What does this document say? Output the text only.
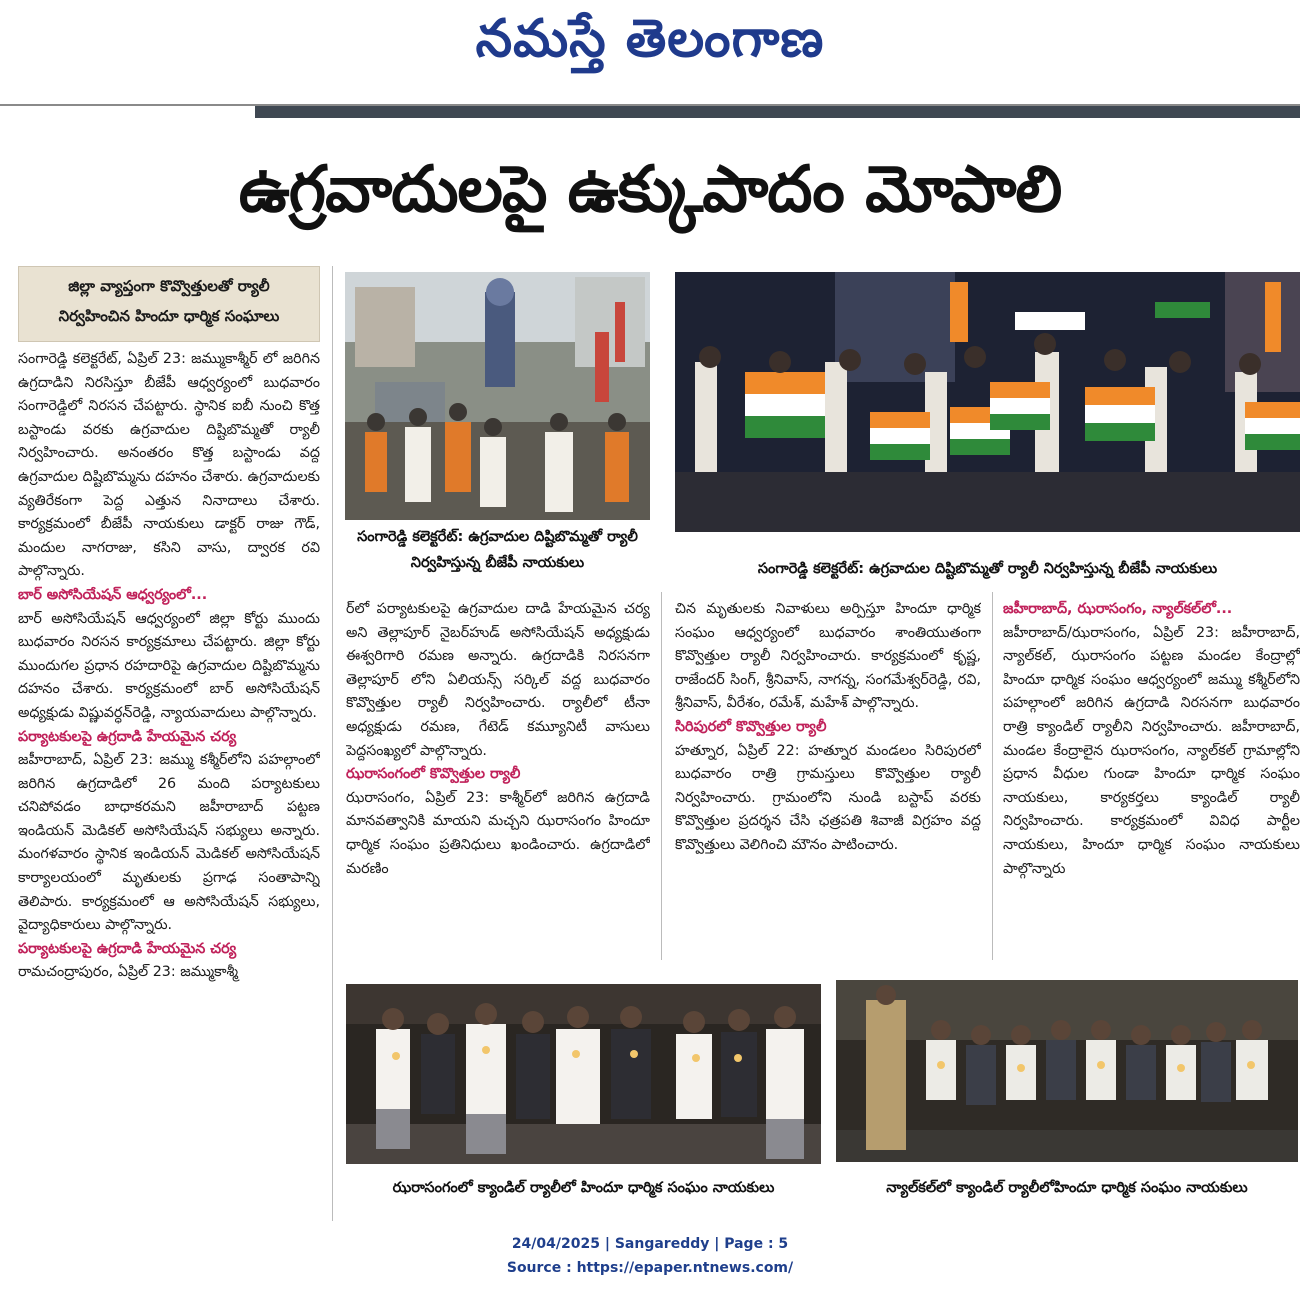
నమస్తే తెలంగాణ
ఉగ్రవాదులపై ఉక్కుపాదం మోపాలి
జిల్లా వ్యాప్తంగా కొవ్వొత్తులతో ర్యాలీ
నిర్వహించిన హిందూ ధార్మిక సంఘాలు

సంగారెడ్డి కలెక్టరేట్, ఏప్రిల్ 23: జమ్ముకాశ్మీర్ లో జరిగిన ఉగ్రదాడిని నిరసిస్తూ బీజేపీ ఆధ్వర్యంలో బుధవారం సంగారెడ్డిలో నిరసన చేపట్టారు. స్థానిక ఐబీ నుంచి కొత్త బస్టాండు వరకు ఉగ్రవాదుల దిష్టిబొమ్మతో ర్యాలీ నిర్వహించారు. అనంతరం కొత్త బస్టాండు వద్ద ఉగ్రవాదుల దిష్టిబొమ్మను దహనం చేశారు. ఉగ్రవాదులకు వ్యతిరేకంగా పెద్ద ఎత్తున నినాదాలు చేశారు. కార్యక్రమంలో బీజేపీ నాయకులు డాక్టర్ రాజు గౌడ్, మందుల నాగరాజు, కసిని వాసు, ద్వారక రవి పాల్గొన్నారు.

బార్ అసోసియేషన్ ఆధ్వర్యంలో...

బార్ అసోసియేషన్ ఆధ్వర్యంలో జిల్లా కోర్టు ముందు బుధవారం నిరసన కార్యక్రమాలు చేపట్టారు. జిల్లా కోర్టు ముందుగల ప్రధాన రహదారిపై ఉగ్రవాదుల దిష్టిబొమ్మను దహనం చేశారు. కార్యక్రమంలో బార్ అసోసియేషన్ అధ్యక్షుడు విష్ణువర్ధన్‌రెడ్డి, న్యాయవాదులు పాల్గొన్నారు.

పర్యాటకులపై ఉగ్రదాడి హేయమైన చర్య

జహీరాబాద్, ఏప్రిల్ 23: జమ్ము కశ్మీర్‌లోని పహల్గాంలో జరిగిన ఉగ్రదాడిలో 26 మంది పర్యాటకులు చనిపోవడం బాధాకరమని జహీరాబాద్ పట్టణ ఇండియన్ మెడికల్ అసోసియేషన్ సభ్యులు అన్నారు. మంగళవారం స్థానిక ఇండియన్ మెడికల్ అసోసియేషన్ కార్యాలయంలో మృతులకు ప్రగాఢ సంతాపాన్ని తెలిపారు. కార్యక్రమంలో ఆ అసోసియేషన్ సభ్యులు, వైద్యాధికారులు పాల్గొన్నారు.

పర్యాటకులపై ఉగ్రదాడి హేయమైన చర్య

రామచంద్రాపురం, ఏప్రిల్ 23: జమ్ముకాశ్మీ

సంగారెడ్డి కలెక్టరేట్: ఉగ్రవాదుల దిష్టిబొమ్మతో ర్యాలీ నిర్వహిస్తున్న బీజేపీ నాయకులు	సంగారెడ్డి కలెక్టరేట్: ఉగ్రవాదుల దిష్టిబొమ్మతో ర్యాలీ నిర్వహిస్తున్న బీజేపీ నాయకులు

ర్‌లో పర్యాటకులపై ఉగ్రవాదుల దాడి హేయమైన చర్య అని తెల్లాపూర్ నైబర్‌హుడ్ అసోసియేషన్ అధ్యక్షుడు ఈశ్వరిగారి రమణ అన్నారు. ఉగ్రదాడికి నిరసనగా తెల్లాపూర్ లోని ఏలియన్స్ సర్కిల్ వద్ద బుధవారం కొవ్వొత్తుల ర్యాలీ నిర్వహించారు. ర్యాలీలో టీనా అధ్యక్షుడు రమణ, గేటెడ్ కమ్యూనిటీ వాసులు పెద్దసంఖ్యలో పాల్గొన్నారు.

ఝరాసంగంలో కొవ్వొత్తుల ర్యాలీ

ఝరాసంగం, ఏప్రిల్ 23: కాశ్మీర్‌లో జరిగిన ఉగ్రదాడి మానవత్వానికి మాయని మచ్చని ఝరాసంగం హిందూ ధార్మిక సంఘం ప్రతినిధులు ఖండించారు. ఉగ్రదాడిలో మరణిం

చిన మృతులకు నివాళులు అర్పిస్తూ హిందూ ధార్మిక సంఘం ఆధ్వర్యంలో బుధవారం శాంతియుతంగా కొవ్వొత్తుల ర్యాలీ నిర్వహించారు. కార్యక్రమంలో కృష్ణ, రాజేందర్ సింగ్, శ్రీనివాస్, నాగన్న, సంగమేశ్వర్‌రెడ్డి, రవి, శ్రీనివాస్, వీరేశం, రమేశ్, మహేశ్ పాల్గొన్నారు.

సిరిపురలో కొవ్వొత్తుల ర్యాలీ

హత్నూర, ఏప్రిల్ 22: హత్నూర మండలం సిరిపురలో బుధవారం రాత్రి గ్రామస్తులు కొవ్వొత్తుల ర్యాలీ నిర్వహించారు. గ్రామంలోని నుండి బస్టాప్ వరకు కొవ్వొత్తుల ప్రదర్శన చేసి ఛత్రపతి శివాజీ విగ్రహం వద్ద కొవ్వొత్తులు వెలిగించి మౌనం పాటించారు.

జహీరాబాద్, ఝరాసంగం, న్యాల్‌కల్‌లో...

జహీరాబాద్/ఝరాసంగం, ఏప్రిల్ 23: జహీరాబాద్, న్యాల్‌కల్, ఝరాసంగం పట్టణ మండల కేంద్రాల్లో హిందూ ధార్మిక సంఘం ఆధ్వర్యంలో జమ్ము కశ్మీర్‌లోని పహల్గాంలో జరిగిన ఉగ్రదాడి నిరసనగా బుధవారం రాత్రి క్యాండిల్ ర్యాలీని నిర్వహించారు. జహీరాబాద్, మండల కేంద్రాలైన ఝరాసంగం, న్యాల్‌కల్ గ్రామాల్లోని ప్రధాన వీధుల గుండా హిందూ ధార్మిక సంఘం నాయకులు, కార్యకర్తలు క్యాండిల్ ర్యాలీ నిర్వహించారు. కార్యక్రమంలో వివిధ పార్టీల నాయకులు, హిందూ ధార్మిక సంఘం నాయకులు పాల్గొన్నారు

ఝరాసంగంలో క్యాండిల్ ర్యాలీలో హిందూ ధార్మిక సంఘం నాయకులు	న్యాల్‌కల్‌లో క్యాండిల్ ర్యాలీలోహిందూ ధార్మిక సంఘం నాయకులు
24/04/2025 | Sangareddy | Page : 5
Source : https://epaper.ntnews.com/
